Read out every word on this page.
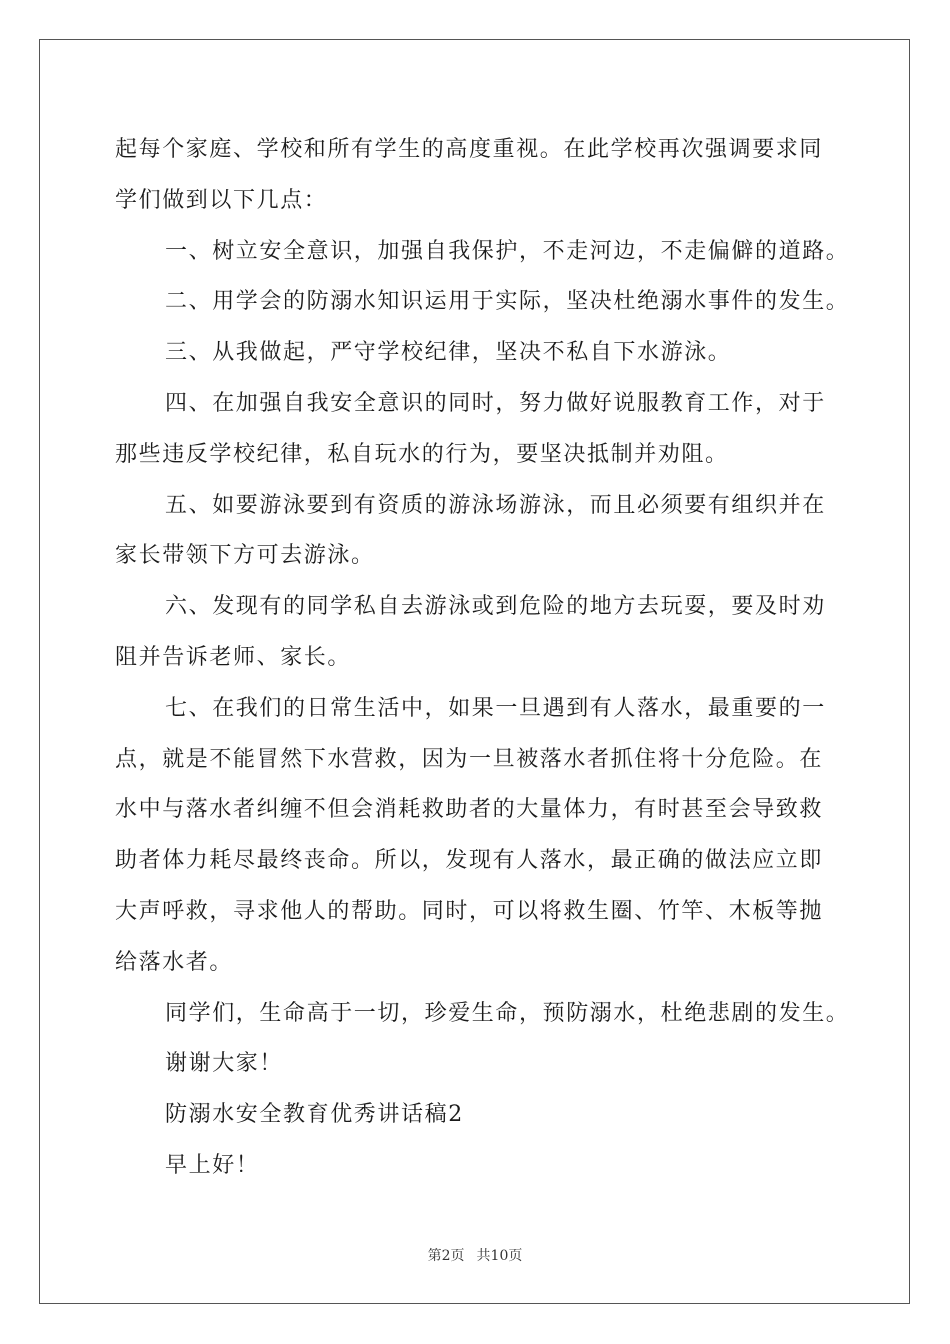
起每个家庭、学校和所有学生的高度重视。在此学校再次强调要求同
学们做到以下几点：
一、树立安全意识，加强自我保护，不走河边，不走偏僻的道路。
二、用学会的防溺水知识运用于实际，坚决杜绝溺水事件的发生。
三、从我做起，严守学校纪律，坚决不私自下水游泳。
四、在加强自我安全意识的同时，努力做好说服教育工作，对于
那些违反学校纪律，私自玩水的行为，要坚决抵制并劝阻。
五、如要游泳要到有资质的游泳场游泳，而且必须要有组织并在
家长带领下方可去游泳。
六、发现有的同学私自去游泳或到危险的地方去玩耍，要及时劝
阻并告诉老师、家长。
七、在我们的日常生活中，如果一旦遇到有人落水，最重要的一
点，就是不能冒然下水营救，因为一旦被落水者抓住将十分危险。在
水中与落水者纠缠不但会消耗救助者的大量体力，有时甚至会导致救
助者体力耗尽最终丧命。所以，发现有人落水，最正确的做法应立即
大声呼救，寻求他人的帮助。同时，可以将救生圈、竹竿、木板等抛
给落水者。
同学们，生命高于一切，珍爱生命，预防溺水，杜绝悲剧的发生。
谢谢大家！
防溺水安全教育优秀讲话稿2
早上好！
第2页 共10页
